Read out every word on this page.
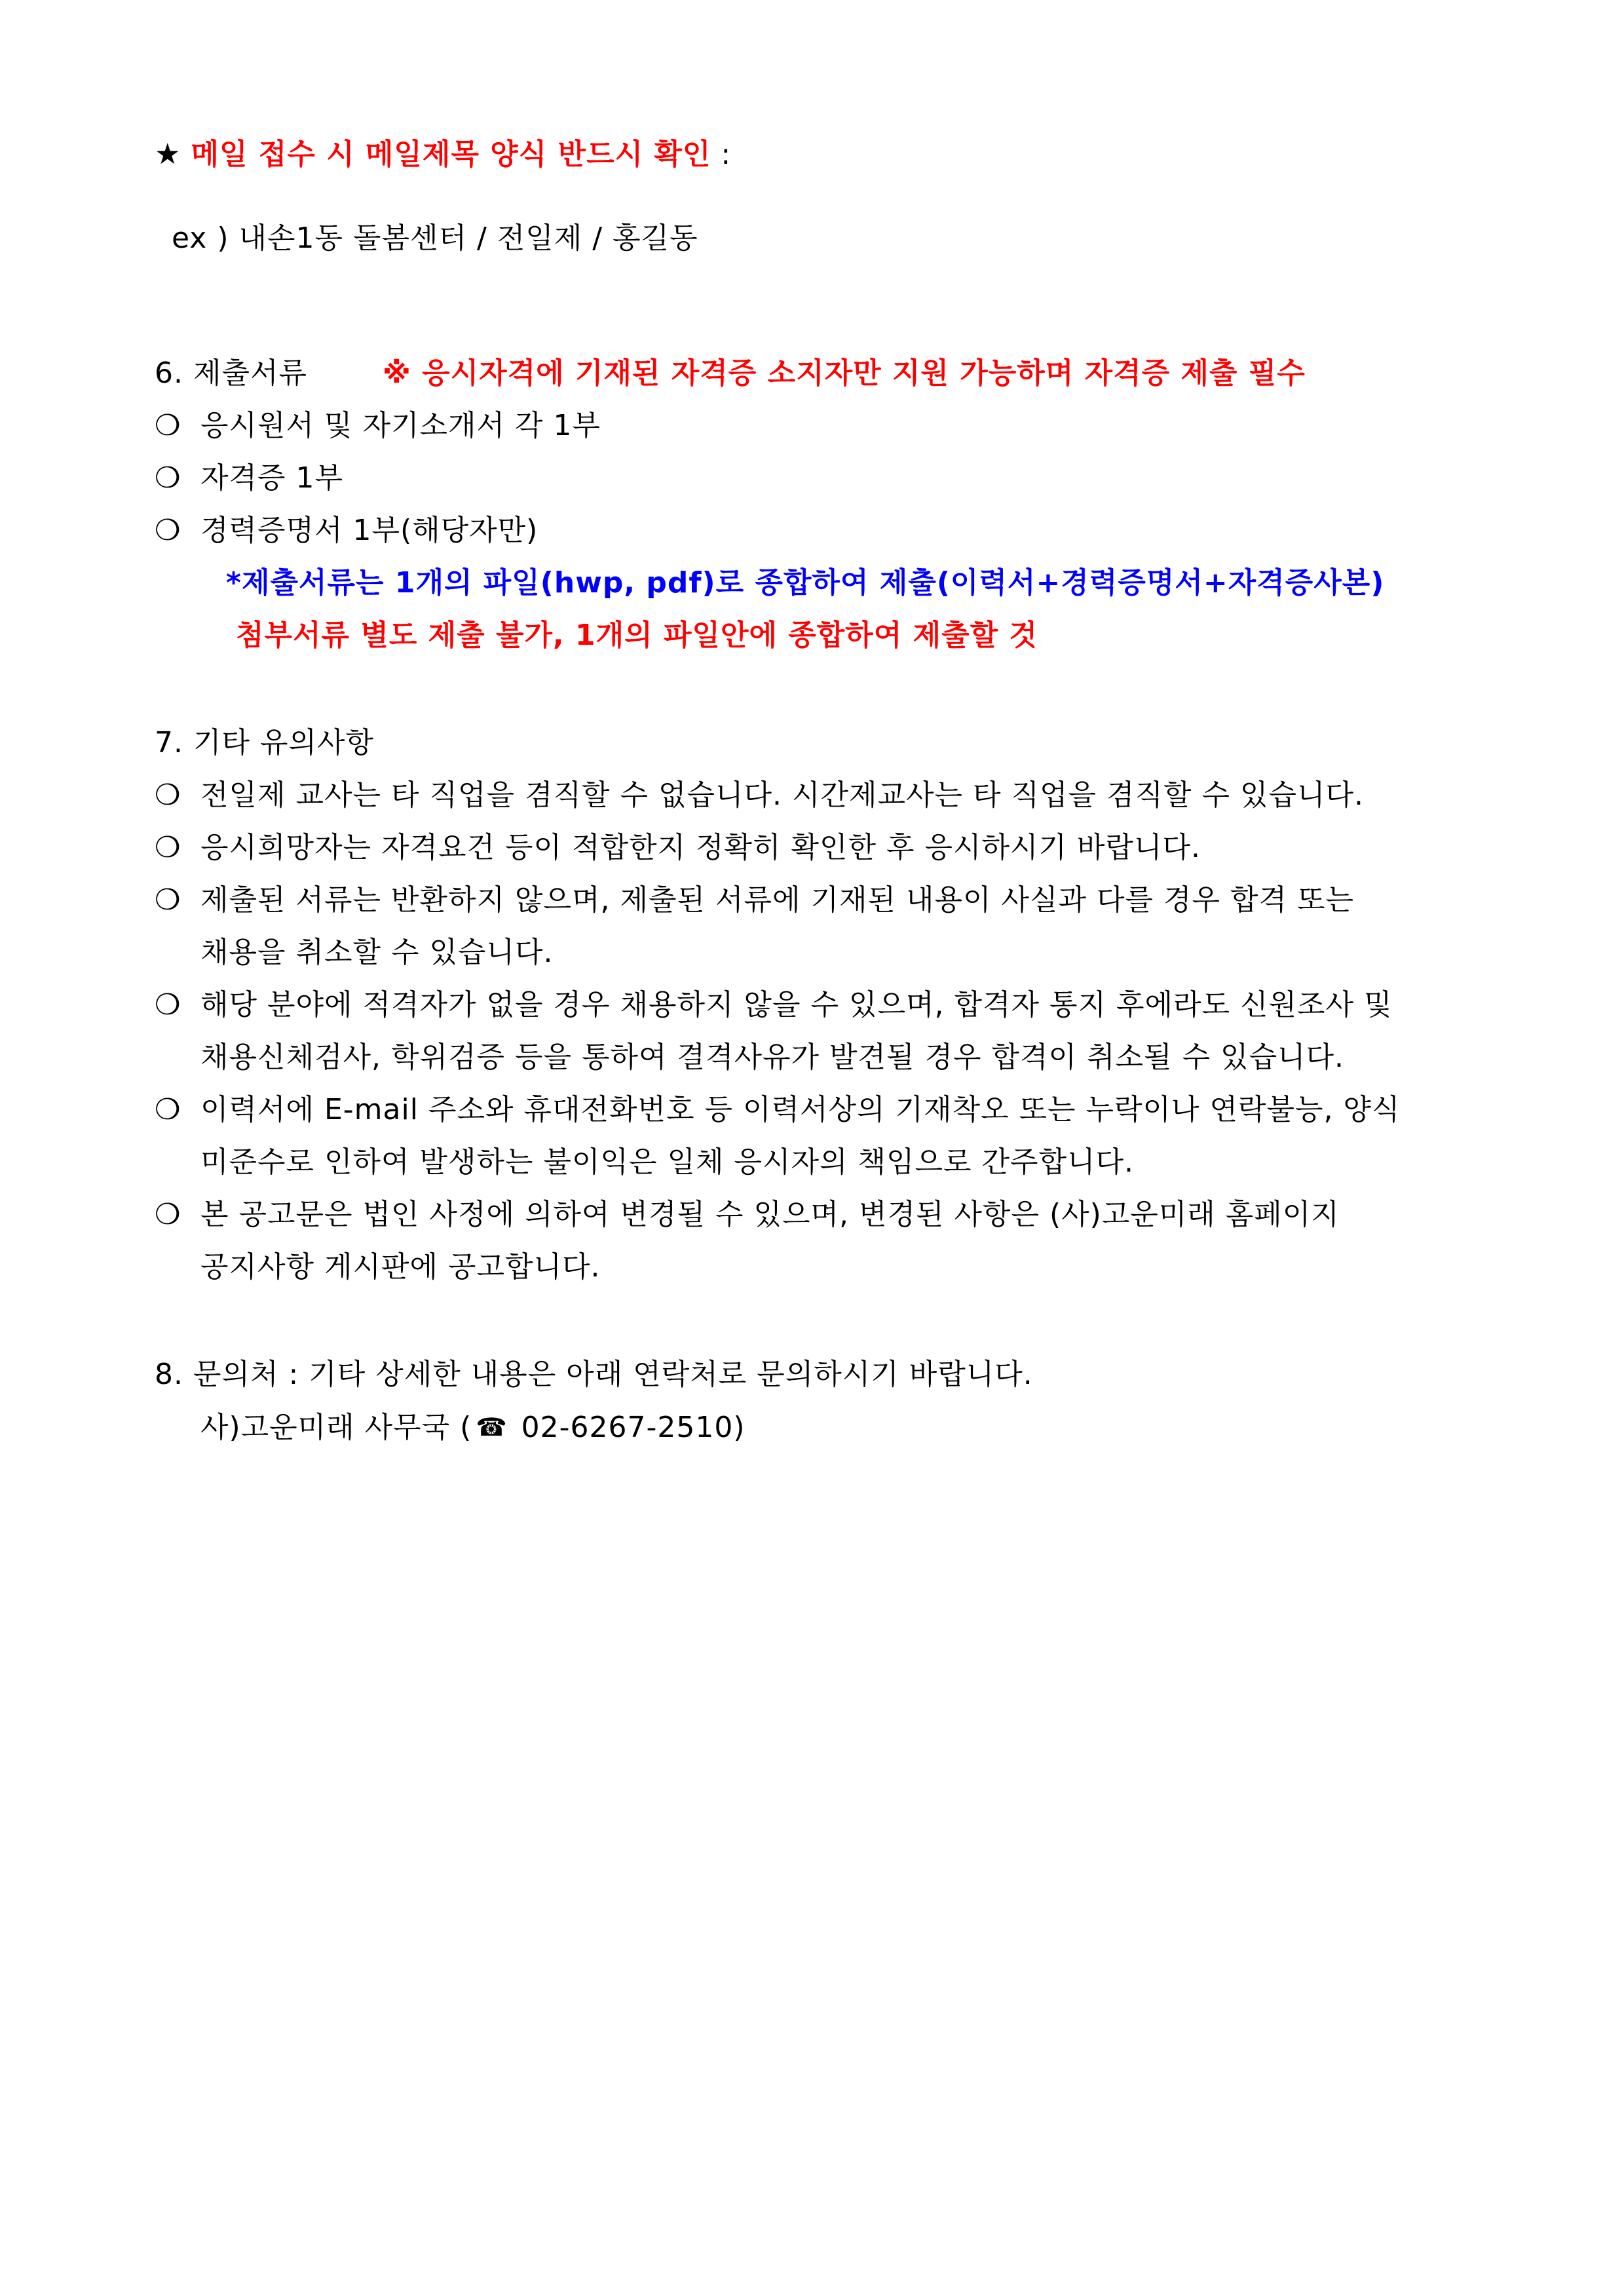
★ 메일 접수 시 메일제목 양식 반드시 확인 :
ex ) 내손1동 돌봄센터 / 전일제 / 홍길동
6. 제출서류	※ 응시자격에 기재된 자격증 소지자만 지원 가능하며 자격증 제출 필수
❍ 응시원서 및 자기소개서 각 1부
❍ 자격증 1부
❍ 경력증명서 1부(해당자만)
*제출서류는 1개의 파일(hwp, pdf)로 종합하여 제출(이력서+경력증명서+자격증사본)
첨부서류 별도 제출 불가, 1개의 파일안에 종합하여 제출할 것
7. 기타 유의사항
❍ 전일제 교사는 타 직업을 겸직할 수 없습니다. 시간제교사는 타 직업을 겸직할 수 있습니다.
❍ 응시희망자는 자격요건 등이 적합한지 정확히 확인한 후 응시하시기 바랍니다.
❍ 제출된 서류는 반환하지 않으며, 제출된 서류에 기재된 내용이 사실과 다를 경우 합격 또는
채용을 취소할 수 있습니다.
❍ 해당 분야에 적격자가 없을 경우 채용하지 않을 수 있으며, 합격자 통지 후에라도 신원조사 및
채용신체검사, 학위검증 등을 통하여 결격사유가 발견될 경우 합격이 취소될 수 있습니다.
❍ 이력서에 E-mail 주소와 휴대전화번호 등 이력서상의 기재착오 또는 누락이나 연락불능, 양식
미준수로 인하여 발생하는 불이익은 일체 응시자의 책임으로 간주합니다.
❍ 본 공고문은 법인 사정에 의하여 변경될 수 있으며, 변경된 사항은 (사)고운미래 홈페이지
공지사항 게시판에 공고합니다.
8. 문의처 : 기타 상세한 내용은 아래 연락처로 문의하시기 바랍니다.
사)고운미래 사무국 ( ☎ 02-6267-2510)
